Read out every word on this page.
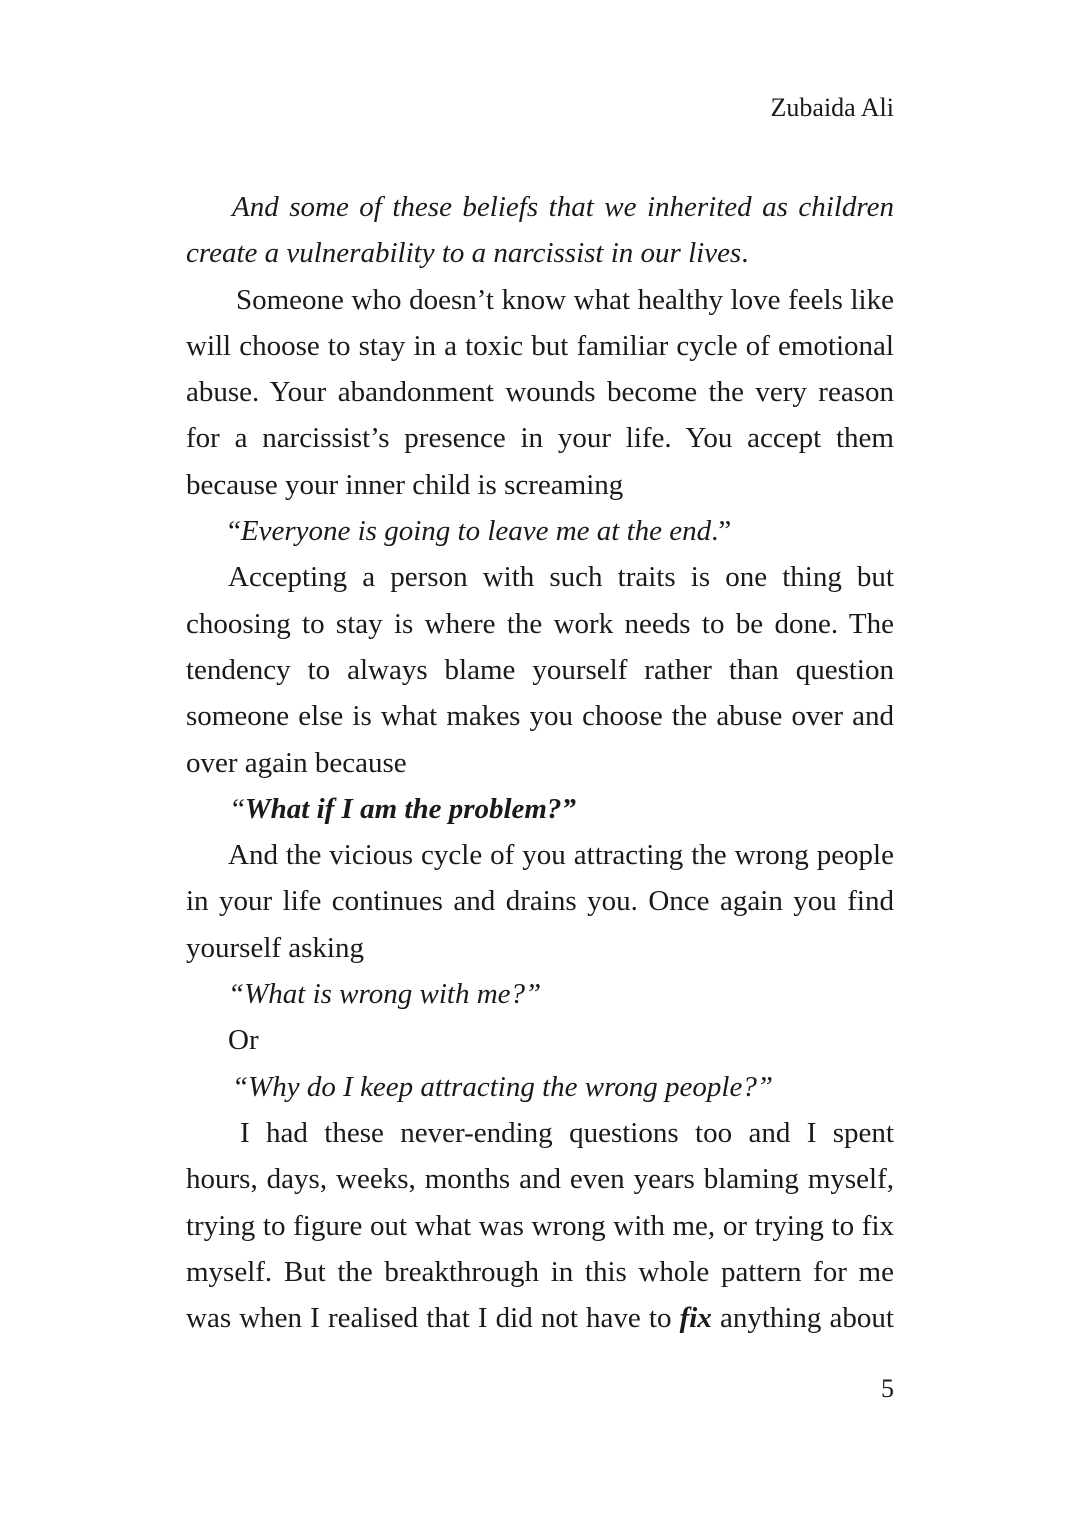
Zubaida Ali

And some of these beliefs that we inherited as children create a vulnerability to a narcissist in our lives.

Someone who doesn’t know what healthy love feels like will choose to stay in a toxic but familiar cycle of emotional abuse. Your abandonment wounds become the very reason for a narcissist’s presence in your life. You accept them because your inner child is screaming

“Everyone is going to leave me at the end.”

Accepting a person with such traits is one thing but choosing to stay is where the work needs to be done. The tendency to always blame yourself rather than question someone else is what makes you choose the abuse over and over again because

“What if I am the problem?”

And the vicious cycle of you attracting the wrong people in your life continues and drains you. Once again you find yourself asking

“What is wrong with me?”

Or

“Why do I keep attracting the wrong people?”

I had these never-ending questions too and I spent hours, days, weeks, months and even years blaming myself, trying to figure out what was wrong with me, or trying to fix myself. But the breakthrough in this whole pattern for me was when I realised that I did not have to fix anything about

5
